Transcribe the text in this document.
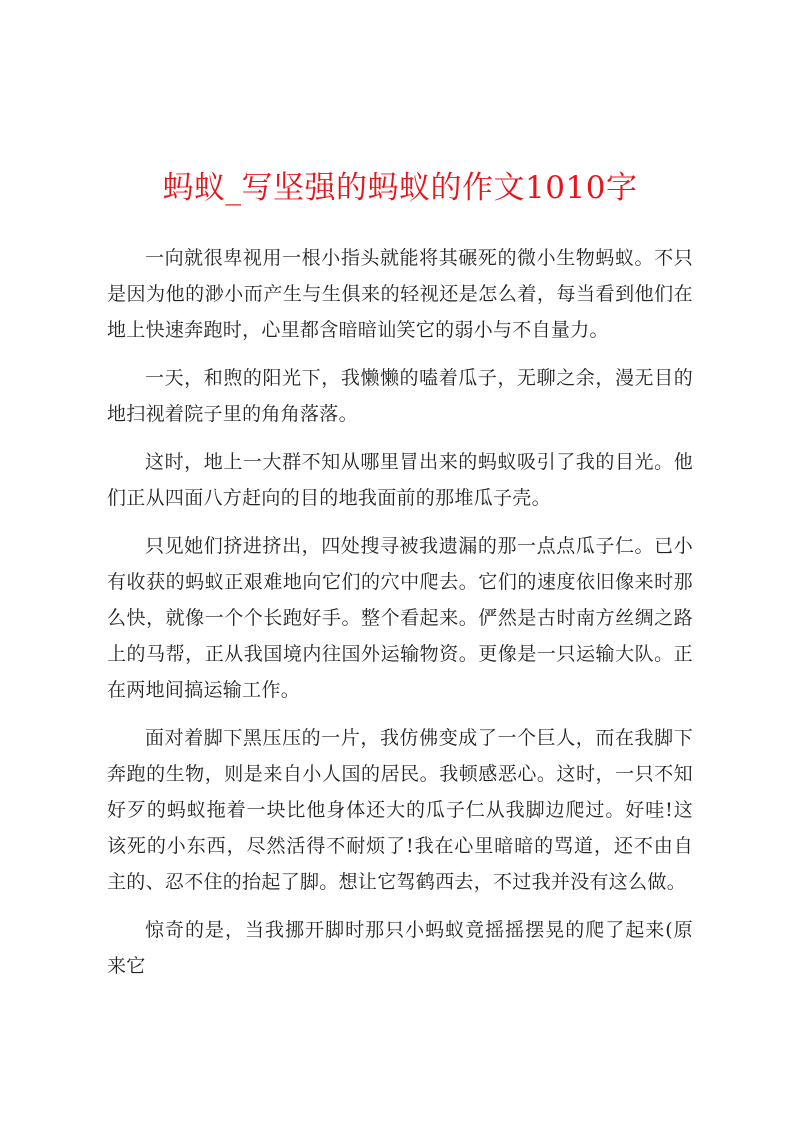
蚂蚁_写坚强的蚂蚁的作文1010字

一向就很卑视用一根小指头就能将其碾死的微小生物蚂蚁。不只是因为他的渺小而产生与生俱来的轻视还是怎么着，每当看到他们在地上快速奔跑时，心里都含暗暗讪笑它的弱小与不自量力。

一天，和煦的阳光下，我懒懒的嗑着瓜子，无聊之余，漫无目的地扫视着院子里的角角落落。

这时，地上一大群不知从哪里冒出来的蚂蚁吸引了我的目光。他们正从四面八方赶向的目的地我面前的那堆瓜子壳。

只见她们挤进挤出，四处搜寻被我遗漏的那一点点瓜子仁。已小有收获的蚂蚁正艰难地向它们的穴中爬去。它们的速度依旧像来时那么快，就像一个个长跑好手。整个看起来。俨然是古时南方丝绸之路上的马帮，正从我国境内往国外运输物资。更像是一只运输大队。正在两地间搞运输工作。

面对着脚下黑压压的一片，我仿佛变成了一个巨人，而在我脚下奔跑的生物，则是来自小人国的居民。我顿感恶心。这时，一只不知好歹的蚂蚁拖着一块比他身体还大的瓜子仁从我脚边爬过。好哇!这该死的小东西，尽然活得不耐烦了!我在心里暗暗的骂道，还不由自主的、忍不住的抬起了脚。想让它驾鹤西去，不过我并没有这么做。

惊奇的是，当我挪开脚时那只小蚂蚁竟摇摇摆晃的爬了起来(原来它
